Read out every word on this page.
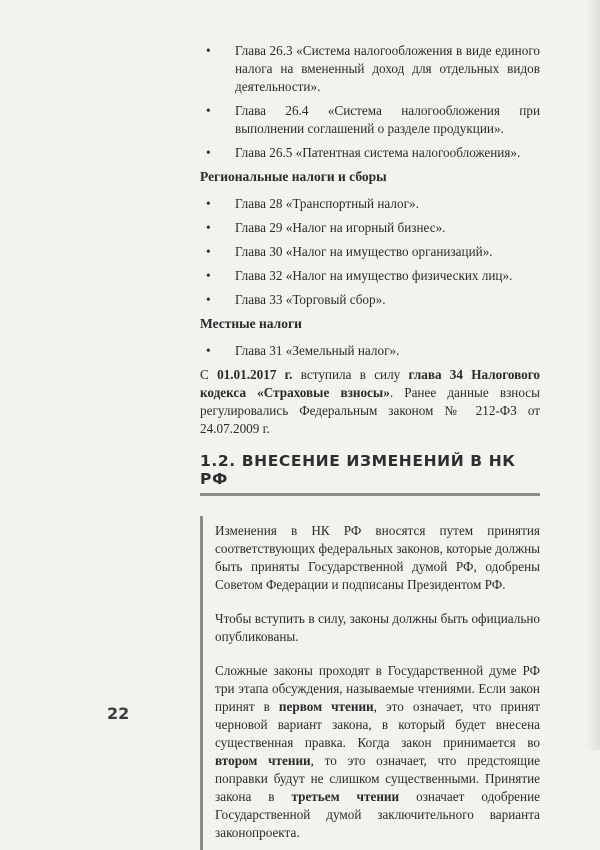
• Глава 26.3 «Система налогообложения в виде единого налога на вмененный доход для отдельных видов деятельности».
• Глава 26.4 «Система налогообложения при выполнении соглашений о разделе продукции».
• Глава 26.5 «Патентная система налогообложения».
Региональные налоги и сборы
• Глава 28 «Транспортный налог».
• Глава 29 «Налог на игорный бизнес».
• Глава 30 «Налог на имущество организаций».
• Глава 32 «Налог на имущество физических лиц».
• Глава 33 «Торговый сбор».
Местные налоги
• Глава 31 «Земельный налог».

С 01.01.2017 г. вступила в силу глава 34 Налогового кодекса «Страховые взносы». Ранее данные взносы регулировались Федеральным законом № 212-ФЗ от 24.07.2009 г.

1.2. ВНЕСЕНИЕ ИЗМЕНЕНИЙ В НК РФ

Изменения в НК РФ вносятся путем принятия соответствующих федеральных законов, которые должны быть приняты Государственной думой РФ, одобрены Советом Федерации и подписаны Президентом РФ.

Чтобы вступить в силу, законы должны быть официально опубликованы.

Сложные законы проходят в Государственной думе РФ три этапа обсуждения, называемые чтениями. Если закон принят в первом чтении, это означает, что принят черновой вариант закона, в который будет внесена существенная правка. Когда закон принимается во втором чтении, то это означает, что предстоящие поправки будут не слишком существенными. Принятие закона в третьем чтении означает одобрение Государственной думой заключительного варианта законопроекта.

22
